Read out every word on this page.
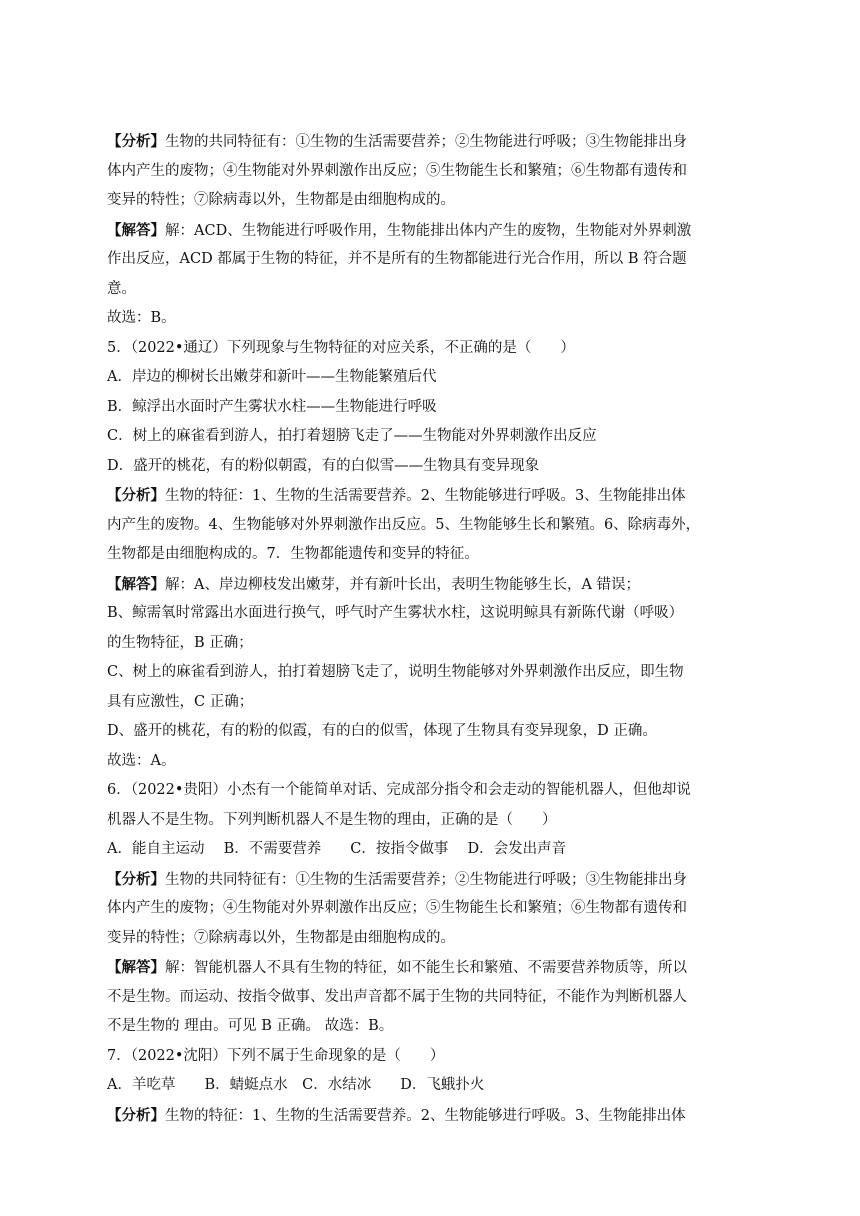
【分析】生物的共同特征有：①生物的生活需要营养；②生物能进行呼吸；③生物能排出身
体内产生的废物；④生物能对外界刺激作出反应；⑤生物能生长和繁殖；⑥生物都有遗传和
变异的特性；⑦除病毒以外，生物都是由细胞构成的。
【解答】解：ACD、生物能进行呼吸作用，生物能排出体内产生的废物，生物能对外界刺激
作出反应，ACD 都属于生物的特征，并不是所有的生物都能进行光合作用，所以 B 符合题
意。
故选：B。
5．（2022•通辽）下列现象与生物特征的对应关系，不正确的是（　　）
A．岸边的柳树长出嫩芽和新叶——生物能繁殖后代
B．鲸浮出水面时产生雾状水柱——生物能进行呼吸
C．树上的麻雀看到游人，拍打着翅膀飞走了——生物能对外界刺激作出反应
D．盛开的桃花，有的粉似朝霞，有的白似雪——生物具有变异现象
【分析】生物的特征：1、生物的生活需要营养。2、生物能够进行呼吸。3、生物能排出体
内产生的废物。4、生物能够对外界刺激作出反应。5、生物能够生长和繁殖。6、除病毒外，
生物都是由细胞构成的。7．生物都能遗传和变异的特征。
【解答】解：A、岸边柳枝发出嫩芽，并有新叶长出，表明生物能够生长，A 错误；
B、鲸需氧时常露出水面进行换气，呼气时产生雾状水柱，这说明鲸具有新陈代谢（呼吸）
的生物特征，B 正确；
C、树上的麻雀看到游人，拍打着翅膀飞走了，说明生物能够对外界刺激作出反应，即生物
具有应激性，C 正确；
D、盛开的桃花，有的粉的似霞，有的白的似雪，体现了生物具有变异现象，D 正确。
故选：A。
6．（2022•贵阳）小杰有一个能简单对话、完成部分指令和会走动的智能机器人，但他却说
机器人不是生物。下列判断机器人不是生物的理由，正确的是（　　）
A．能自主运动　 B．不需要营养　　C．按指令做事　 D．会发出声音
【分析】生物的共同特征有：①生物的生活需要营养；②生物能进行呼吸；③生物能排出身
体内产生的废物；④生物能对外界刺激作出反应；⑤生物能生长和繁殖；⑥生物都有遗传和
变异的特性；⑦除病毒以外，生物都是由细胞构成的。
【解答】解：智能机器人不具有生物的特征，如不能生长和繁殖、不需要营养物质等，所以
不是生物。而运动、按指令做事、发出声音都不属于生物的共同特征，不能作为判断机器人
不是生物的 理由。可见 B 正确。 故选：B。
7．（2022•沈阳）下列不属于生命现象的是（　　）
A．羊吃草　　B．蜻蜓点水　C．水结冰　　D．飞蛾扑火
【分析】生物的特征：1、生物的生活需要营养。2、生物能够进行呼吸。3、生物能排出体
